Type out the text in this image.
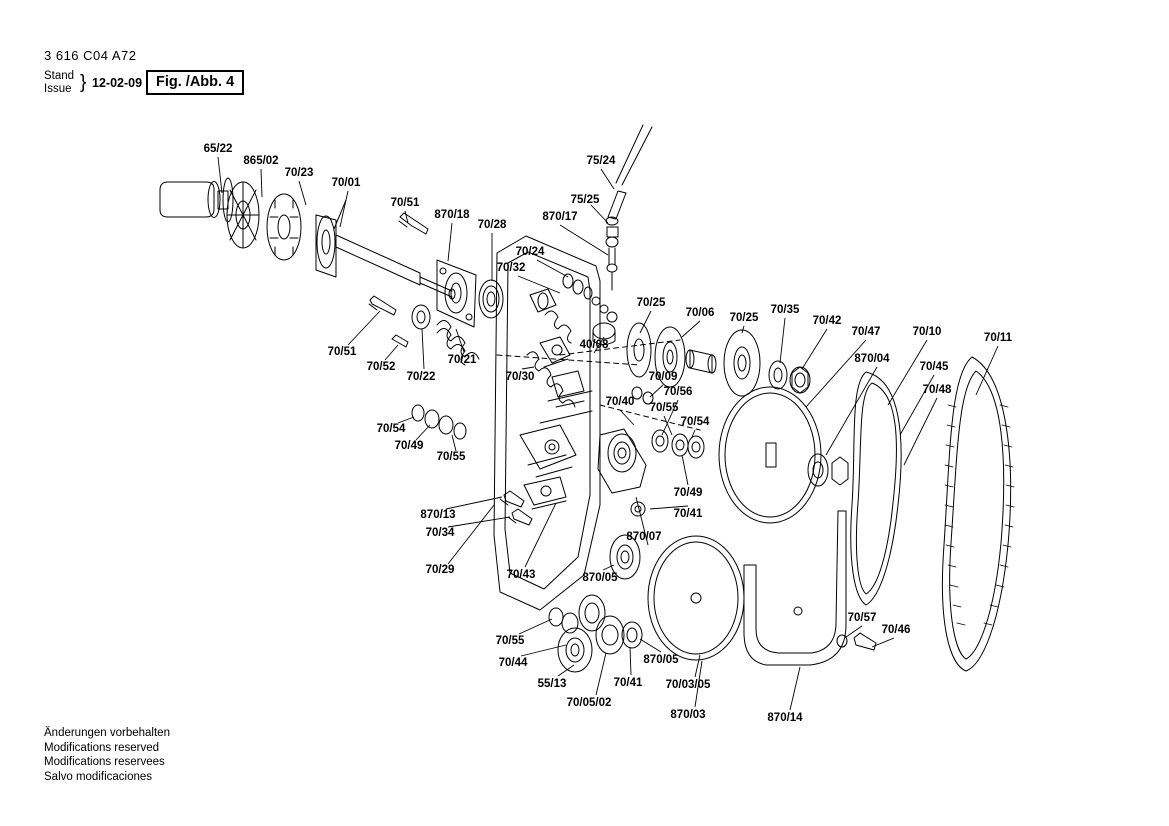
3 616 C04 A72
Stand
Issue } 12-02-09 Fig. /Abb. 4
65/22
865/02
70/23
70/01
70/51
870/18
70/28
870/17
75/24
75/25
70/24
70/32
70/25
70/06 70/25
70/35
70/42
70/47	70/10	70/11
870/04
70/45
70/48
40/08
70/09
70/56
70/40 70/55
70/54
70/51
70/52
70/22
70/21
70/30
70/54
70/49
70/55
70/49
70/41
870/13
70/34
70/29	70/43	870/05
870/07
70/55
70/44
55/13
70/05/02
70/41
870/05
70/03/05
870/03	870/14
70/57
70/46
Änderungen vorbehalten
Modifications reserved
Modifications reservees
Salvo modificaciones
